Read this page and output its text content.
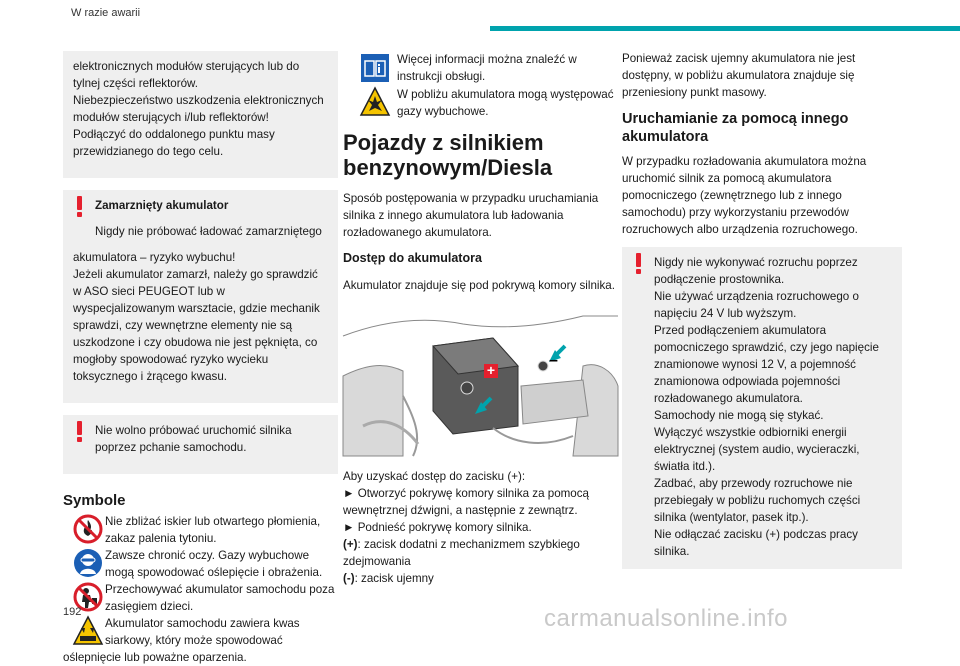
W razie awarii

elektronicznych modułów sterujących lub do tylnej części reflektorów.
Niebezpieczeństwo uszkodzenia elektronicznych modułów sterujących i/lub reflektorów!
Podłączyć do oddalonego punktu masy przewidzianego do tego celu.

Zamarznięty akumulator

Nigdy nie próbować ładować zamarzniętego

akumulatora – ryzyko wybuchu!
Jeżeli akumulator zamarzł, należy go sprawdzić w ASO sieci PEUGEOT lub w wyspecjalizowanym warsztacie, gdzie mechanik sprawdzi, czy wewnętrzne elementy nie są uszkodzone i czy obudowa nie jest pęknięta, co mogłoby spowodować ryzyko wycieku toksycznego i żrącego kwasu.

Nie wolno próbować uruchomić silnika poprzez pchanie samochodu.

Symbole

Nie zbliżać iskier lub otwartego płomienia, zakaz palenia tytoniu.

Zawsze chronić oczy. Gazy wybuchowe mogą spowodować oślepięcie i obrażenia.

Przechowywać akumulator samochodu poza zasięgiem dzieci.

Akumulator samochodu zawiera kwas siarkowy, który może spowodować

oślepnięcie lub poważne oparzenia.

Więcej informacji można znaleźć w instrukcji obsługi.

W pobliżu akumulatora mogą występować gazy wybuchowe.

Pojazdy z silnikiem benzynowym/Diesla

Sposób postępowania w przypadku uruchamiania silnika z innego akumulatora lub ładowania rozładowanego akumulatora.

Dostęp do akumulatora

Akumulator znajduje się pod pokrywą komory silnika.

+
–

Aby uzyskać dostęp do zacisku (+):

► Otworzyć pokrywę komory silnika za pomocą wewnętrznej dźwigni, a następnie z zewnątrz.

► Podnieść pokrywę komory silnika.

(+): zacisk dodatni z mechanizmem szybkiego zdejmowania

(-): zacisk ujemny

Ponieważ zacisk ujemny akumulatora nie jest dostępny, w pobliżu akumulatora znajduje się przeniesiony punkt masowy.

Uruchamianie za pomocą innego akumulatora

W przypadku rozładowania akumulatora można uruchomić silnik za pomocą akumulatora pomocniczego (zewnętrznego lub z innego samochodu) przy wykorzystaniu przewodów rozruchowych albo urządzenia rozruchowego.

Nigdy nie wykonywać rozruchu poprzez podłączenie prostownika.

Nie używać urządzenia rozruchowego o napięciu 24 V lub wyższym.
Przed podłączeniem akumulatora pomocniczego sprawdzić, czy jego napięcie znamionowe wynosi 12 V, a pojemność znamionowa odpowiada pojemności rozładowanego akumulatora.
Samochody nie mogą się stykać.
Wyłączyć wszystkie odbiorniki energii elektrycznej (system audio, wycieraczki, światła itd.).
Zadbać, aby przewody rozruchowe nie przebiegały w pobliżu ruchomych części silnika (wentylator, pasek itp.).
Nie odłączać zacisku (+) podczas pracy silnika.

192	carmanualsonline.info
